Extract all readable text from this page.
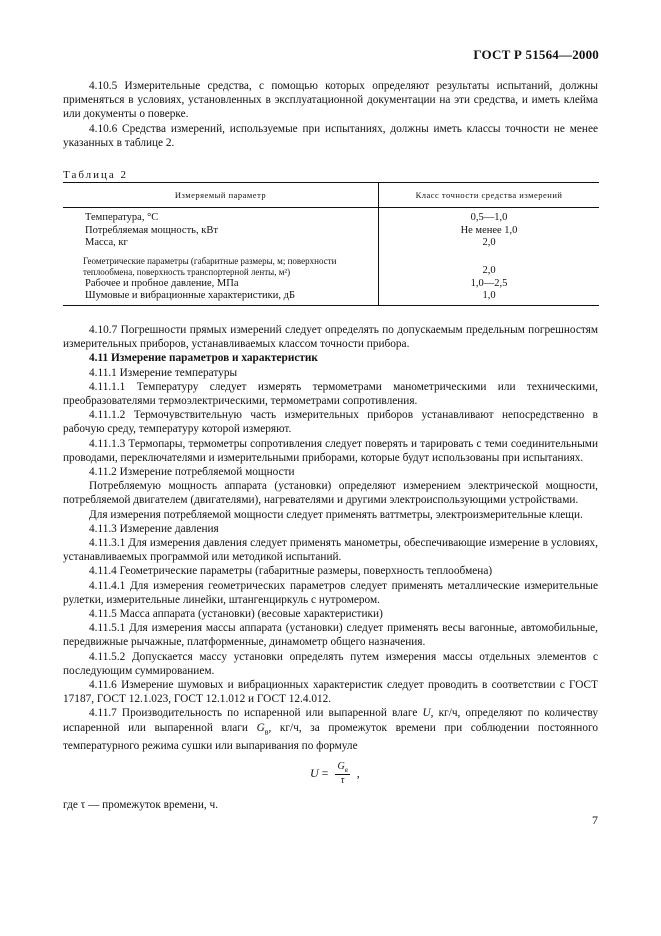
ГОСТ Р 51564—2000

4.10.5 Измерительные средства, с помощью которых определяют результаты испытаний, должны применяться в условиях, установленных в эксплуатационной документации на эти средства, и иметь клейма или документы о поверке.

4.10.6 Средства измерений, используемые при испытаниях, должны иметь классы точности не менее указанных в таблице 2.

Таблица 2
Измеряемый параметр	Класс точности средства измерений
Температура, °С	0,5—1,0
Потребляемая мощность, кВт	Не менее 1,0
Масса, кг	2,0
Геометрические параметры (габаритные размеры, м; поверхности теплообмена, поверхность транспортерной ленты, м²)	2,0
Рабочее и пробное давление, МПа	1,0—2,5
Шумовые и вибрационные характеристики, дБ	1,0

4.10.7 Погрешности прямых измерений следует определять по допускаемым предельным погрешностям измерительных приборов, устанавливаемых классом точности прибора.

4.11 Измерение параметров и характеристик

4.11.1 Измерение температуры

4.11.1.1 Температуру следует измерять термометрами манометрическими или техническими, преобразователями термоэлектрическими, термометрами сопротивления.

4.11.1.2 Термочувствительную часть измерительных приборов устанавливают непосредственно в рабочую среду, температуру которой измеряют.

4.11.1.3 Термопары, термометры сопротивления следует поверять и тарировать с теми соединительными проводами, переключателями и измерительными приборами, которые будут использованы при испытаниях.

4.11.2 Измерение потребляемой мощности

Потребляемую мощность аппарата (установки) определяют измерением электрической мощности, потребляемой двигателем (двигателями), нагревателями и другими электроиспользующими устройствами.

Для измерения потребляемой мощности следует применять ваттметры, электроизмерительные клещи.

4.11.3 Измерение давления

4.11.3.1 Для измерения давления следует применять манометры, обеспечивающие измерение в условиях, устанавливаемых программой или методикой испытаний.

4.11.4 Геометрические параметры (габаритные размеры, поверхность теплообмена)

4.11.4.1 Для измерения геометрических параметров следует применять металлические измерительные рулетки, измерительные линейки, штангенциркуль с нутромером.

4.11.5 Масса аппарата (установки) (весовые характеристики)

4.11.5.1 Для измерения массы аппарата (установки) следует применять весы вагонные, автомобильные, передвижные рычажные, платформенные, динамометр общего назначения.

4.11.5.2 Допускается массу установки определять путем измерения массы отдельных элементов с последующим суммированием.

4.11.6 Измерение шумовых и вибрационных характеристик следует проводить в соответствии с ГОСТ 17187, ГОСТ 12.1.023, ГОСТ 12.1.012 и ГОСТ 12.4.012.

4.11.7 Производительность по испаренной или выпаренной влаге U, кг/ч, определяют по количеству испаренной или выпаренной влаги $G_в$, кг/ч, за промежуток времени при соблюдении постоянного температурного режима сушки или выпаривания по формуле

$U = \frac{G_в}{\tau}$ ,
где τ — промежуток времени, ч.
7
